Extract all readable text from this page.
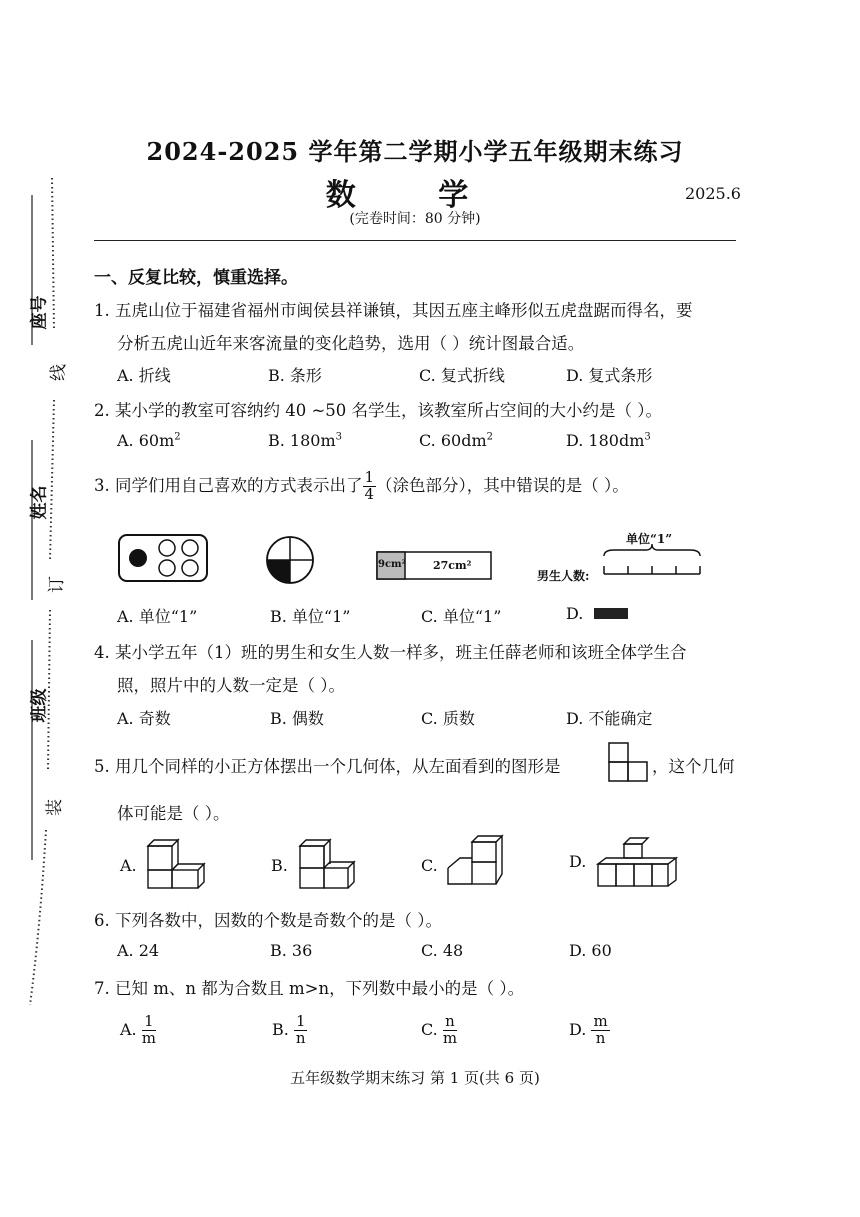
座号
线
姓名
订
班级
装
2024-2025 学年第二学期小学五年级期末练习
数 学	2025.6
(完卷时间：80 分钟)
一、反复比较，慎重选择。
1. 五虎山位于福建省福州市闽侯县祥谦镇，其因五座主峰形似五虎盘踞而得名，要
分析五虎山近年来客流量的变化趋势，选用（ ）统计图最合适。
A. 折线	B. 条形	C. 复式折线	D. 复式条形
2. 某小学的教室可容纳约 40 ~50 名学生，该教室所占空间的大小约是（ ）。
A. $60m^2$	B. $180m^3$	C. $60dm^2$	D. $180dm^3$
3. 同学们用自己喜欢的方式表示出了 $\frac{1}{4}$ （涂色部分），其中错误的是（ ）。
9cm² 27cm²
单位“1”
男生人数:
A. 单位“1”	B. 单位“1”	C. 单位“1”	D.
4. 某小学五年（1）班的男生和女生人数一样多，班主任薛老师和该班全体学生合
照，照片中的人数一定是（ ）。
A. 奇数	B. 偶数	C. 质数	D. 不能确定
5. 用几个同样的小正方体摆出一个几何体，从左面看到的图形是	，这个几何
体可能是（ ）。
A.	B.	C.	D.
6. 下列各数中，因数的个数是奇数个的是（ ）。
A. 24	B. 36	C. 48	D. 60
7. 已知 m、n 都为合数且 m>n，下列数中最小的是（ ）。
A. $\frac{1}{m}$	B. $\frac{1}{n}$	C. $\frac{n}{m}$	D. $\frac{m}{n}$
五年级数学期末练习 第 1 页(共 6 页)
